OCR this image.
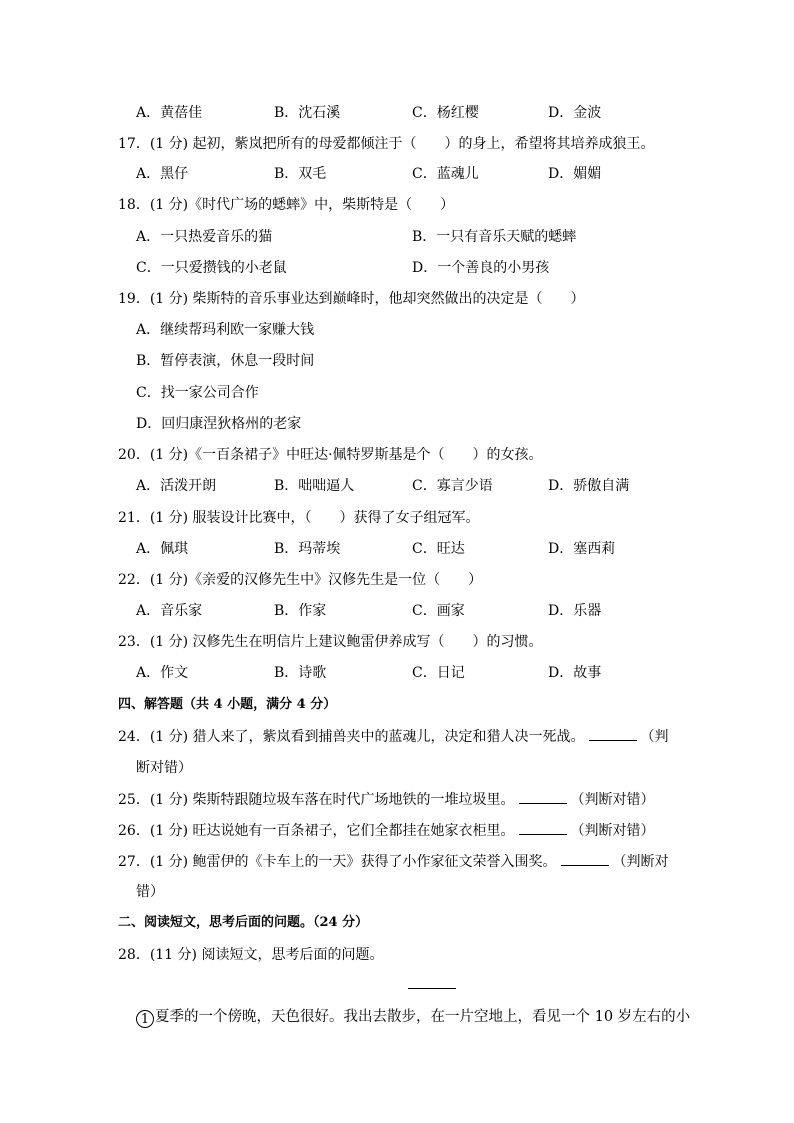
A．黄蓓佳	B．沈石溪	C．杨红樱	D．金波
17．(1 分) 起初，紫岚把所有的母爱都倾注于（　　）的身上，希望将其培养成狼王。
A．黑仔	B．双毛	C．蓝魂儿	D．媚媚
18．(1 分)《时代广场的蟋蟀》中，柴斯特是（　　）
A．一只热爱音乐的猫	B．一只有音乐天赋的蟋蟀
C．一只爱攒钱的小老鼠	D．一个善良的小男孩
19．(1 分) 柴斯特的音乐事业达到巅峰时，他却突然做出的决定是（　　）
A．继续帮玛利欧一家赚大钱
B．暂停表演，休息一段时间
C．找一家公司合作
D．回归康涅狄格州的老家
20．(1 分)《一百条裙子》中旺达·佩特罗斯基是个（　　）的女孩。
A．活泼开朗	B．咄咄逼人	C．寡言少语	D．骄傲自满
21．(1 分) 服装设计比赛中，（　　）获得了女子组冠军。
A．佩琪	B．玛蒂埃	C．旺达	D．塞西莉
22．(1 分)《亲爱的汉修先生中》汉修先生是一位（　　）
A．音乐家	B．作家	C．画家	D．乐器
23．(1 分) 汉修先生在明信片上建议鲍雷伊养成写（　　）的习惯。
A．作文	B．诗歌	C．日记	D．故事
四、解答题（共 4 小题，满分 4 分）
24．(1 分) 猎人来了，紫岚看到捕兽夹中的蓝魂儿，决定和猎人决一死战。	（判
断对错）
25．(1 分) 柴斯特跟随垃圾车落在时代广场地铁的一堆垃圾里。	（判断对错）
26．(1 分) 旺达说她有一百条裙子，它们全都挂在她家衣柜里。	（判断对错）
27．(1 分) 鲍雷伊的《卡车上的一天》获得了小作家征文荣誉入围奖。	（判断对
错）
二、阅读短文，思考后面的问题。（24 分）
28．(11 分) 阅读短文，思考后面的问题。
1 夏季的一个傍晚，天色很好。我出去散步，在一片空地上，看见一个 10 岁左右的小
